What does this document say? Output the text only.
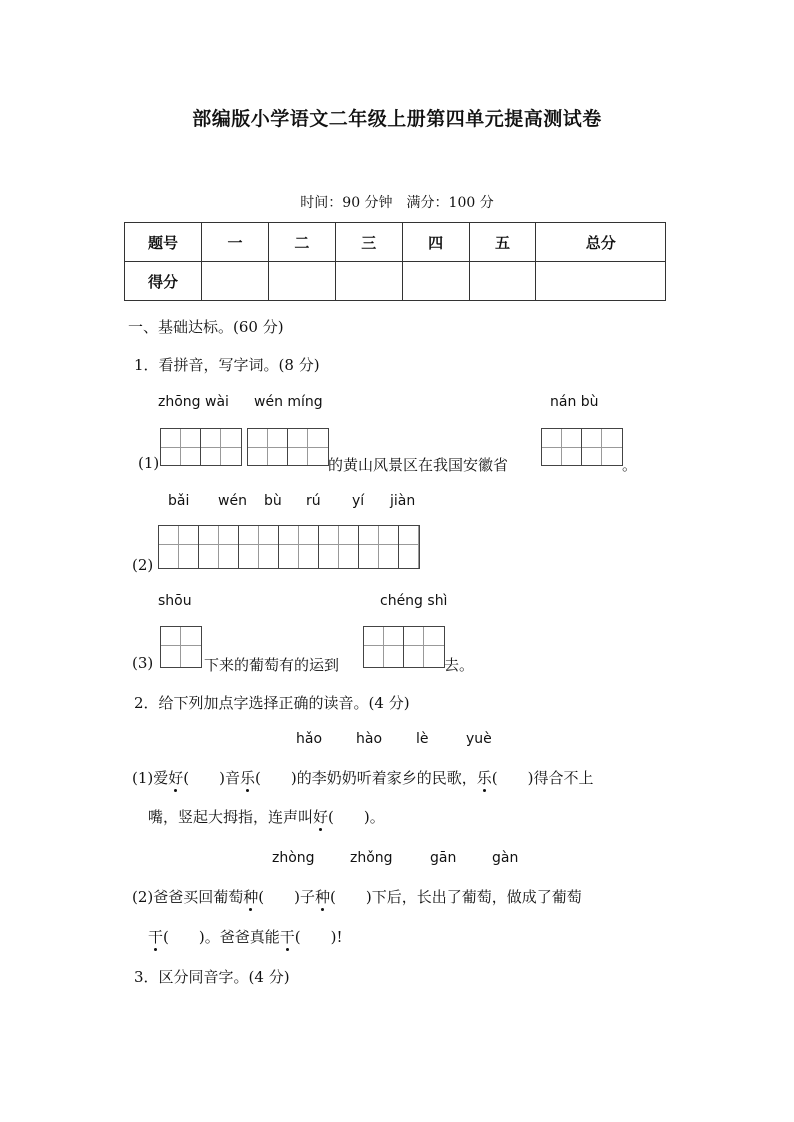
部编版小学语文二年级上册第四单元提高测试卷
时间：90 分钟　满分：100 分
题号	一	二	三	四	五	总分
得分						
一、基础达标。(60 分)
1．看拼音，写字词。(8 分)
zhōng wài wén míng	nán bù
(1)	的黄山风景区在我国安徽省	。
bǎi wén bù rú yí jiàn
(2)
shōu	chéng shì
(3)	下来的葡萄有的运到	去。
2．给下列加点字选择正确的读音。(4 分)
hǎo hào lè	yuè
(1)爱好(　　)音乐(　　)的李奶奶听着家乡的民歌，乐(　　)得合不上
嘴，竖起大拇指，连声叫好(　　)。
zhòng	zhǒng	gān	gàn
(2)爸爸买回葡萄种(　　)子种(　　)下后，长出了葡萄，做成了葡萄
干(　　)。爸爸真能干(　　)!
3．区分同音字。(4 分)
